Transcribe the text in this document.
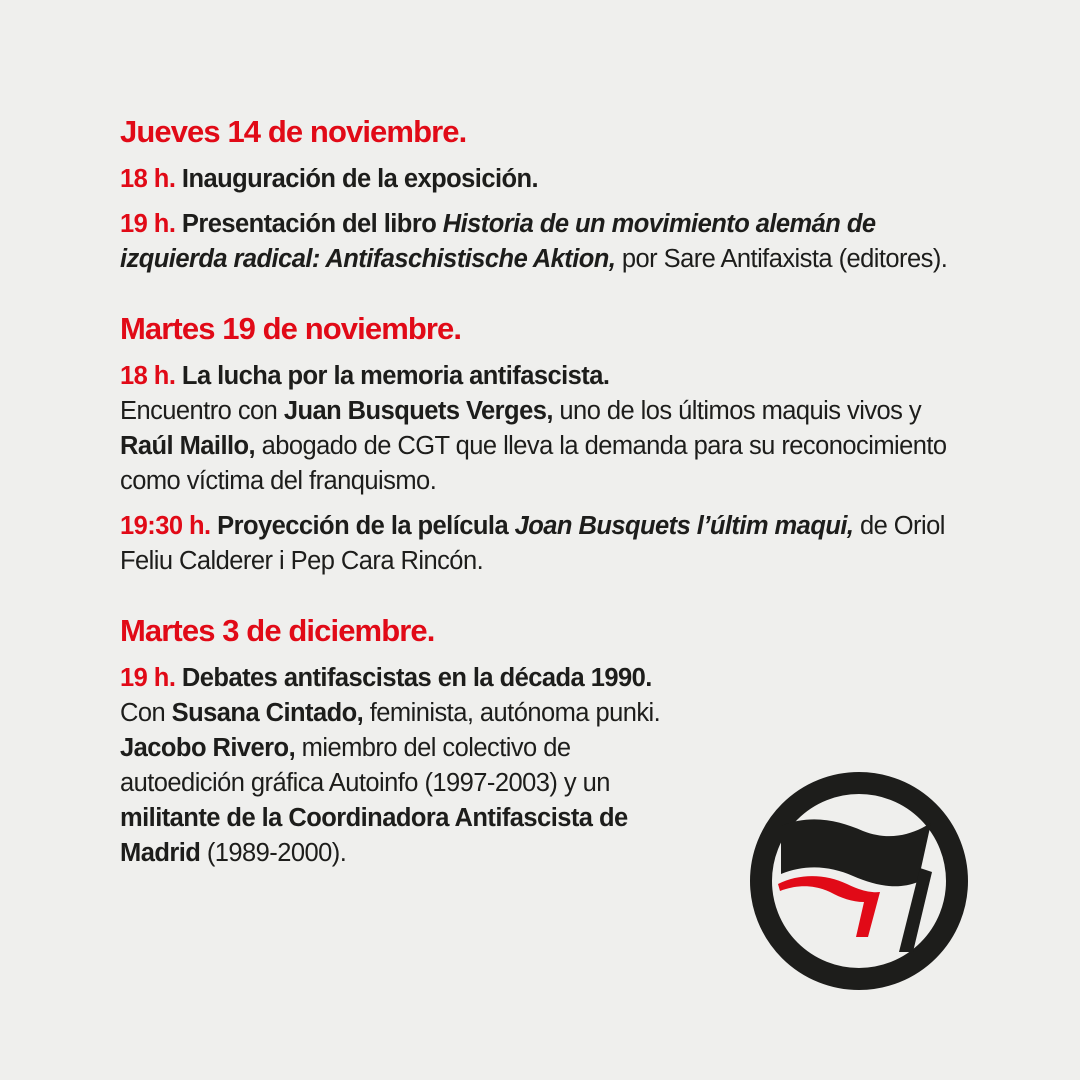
Jueves 14 de noviembre.

18 h. Inauguración de la exposición.

19 h. Presentación del libro Historia de un movimiento alemán de izquierda radical: Antifaschistische Aktion, por Sare Antifaxista (editores).

Martes 19 de noviembre.

18 h. La lucha por la memoria antifascista.
Encuentro con Juan Busquets Verges, uno de los últimos maquis vivos y Raúl Maillo, abogado de CGT que lleva la demanda para su reconocimiento como víctima del franquismo.

19:30 h. Proyección de la película Joan Busquets l’últim maqui, de Oriol Feliu Calderer i Pep Cara Rincón.

Martes 3 de diciembre.

19 h. Debates antifascistas en la década 1990. Con Susana Cintado, feminista, autónoma punki. Jacobo Rivero, miembro del colectivo de autoedición gráfica Autoinfo (1997-2003) y un militante de la Coordinadora Antifascista de Madrid (1989-2000).
